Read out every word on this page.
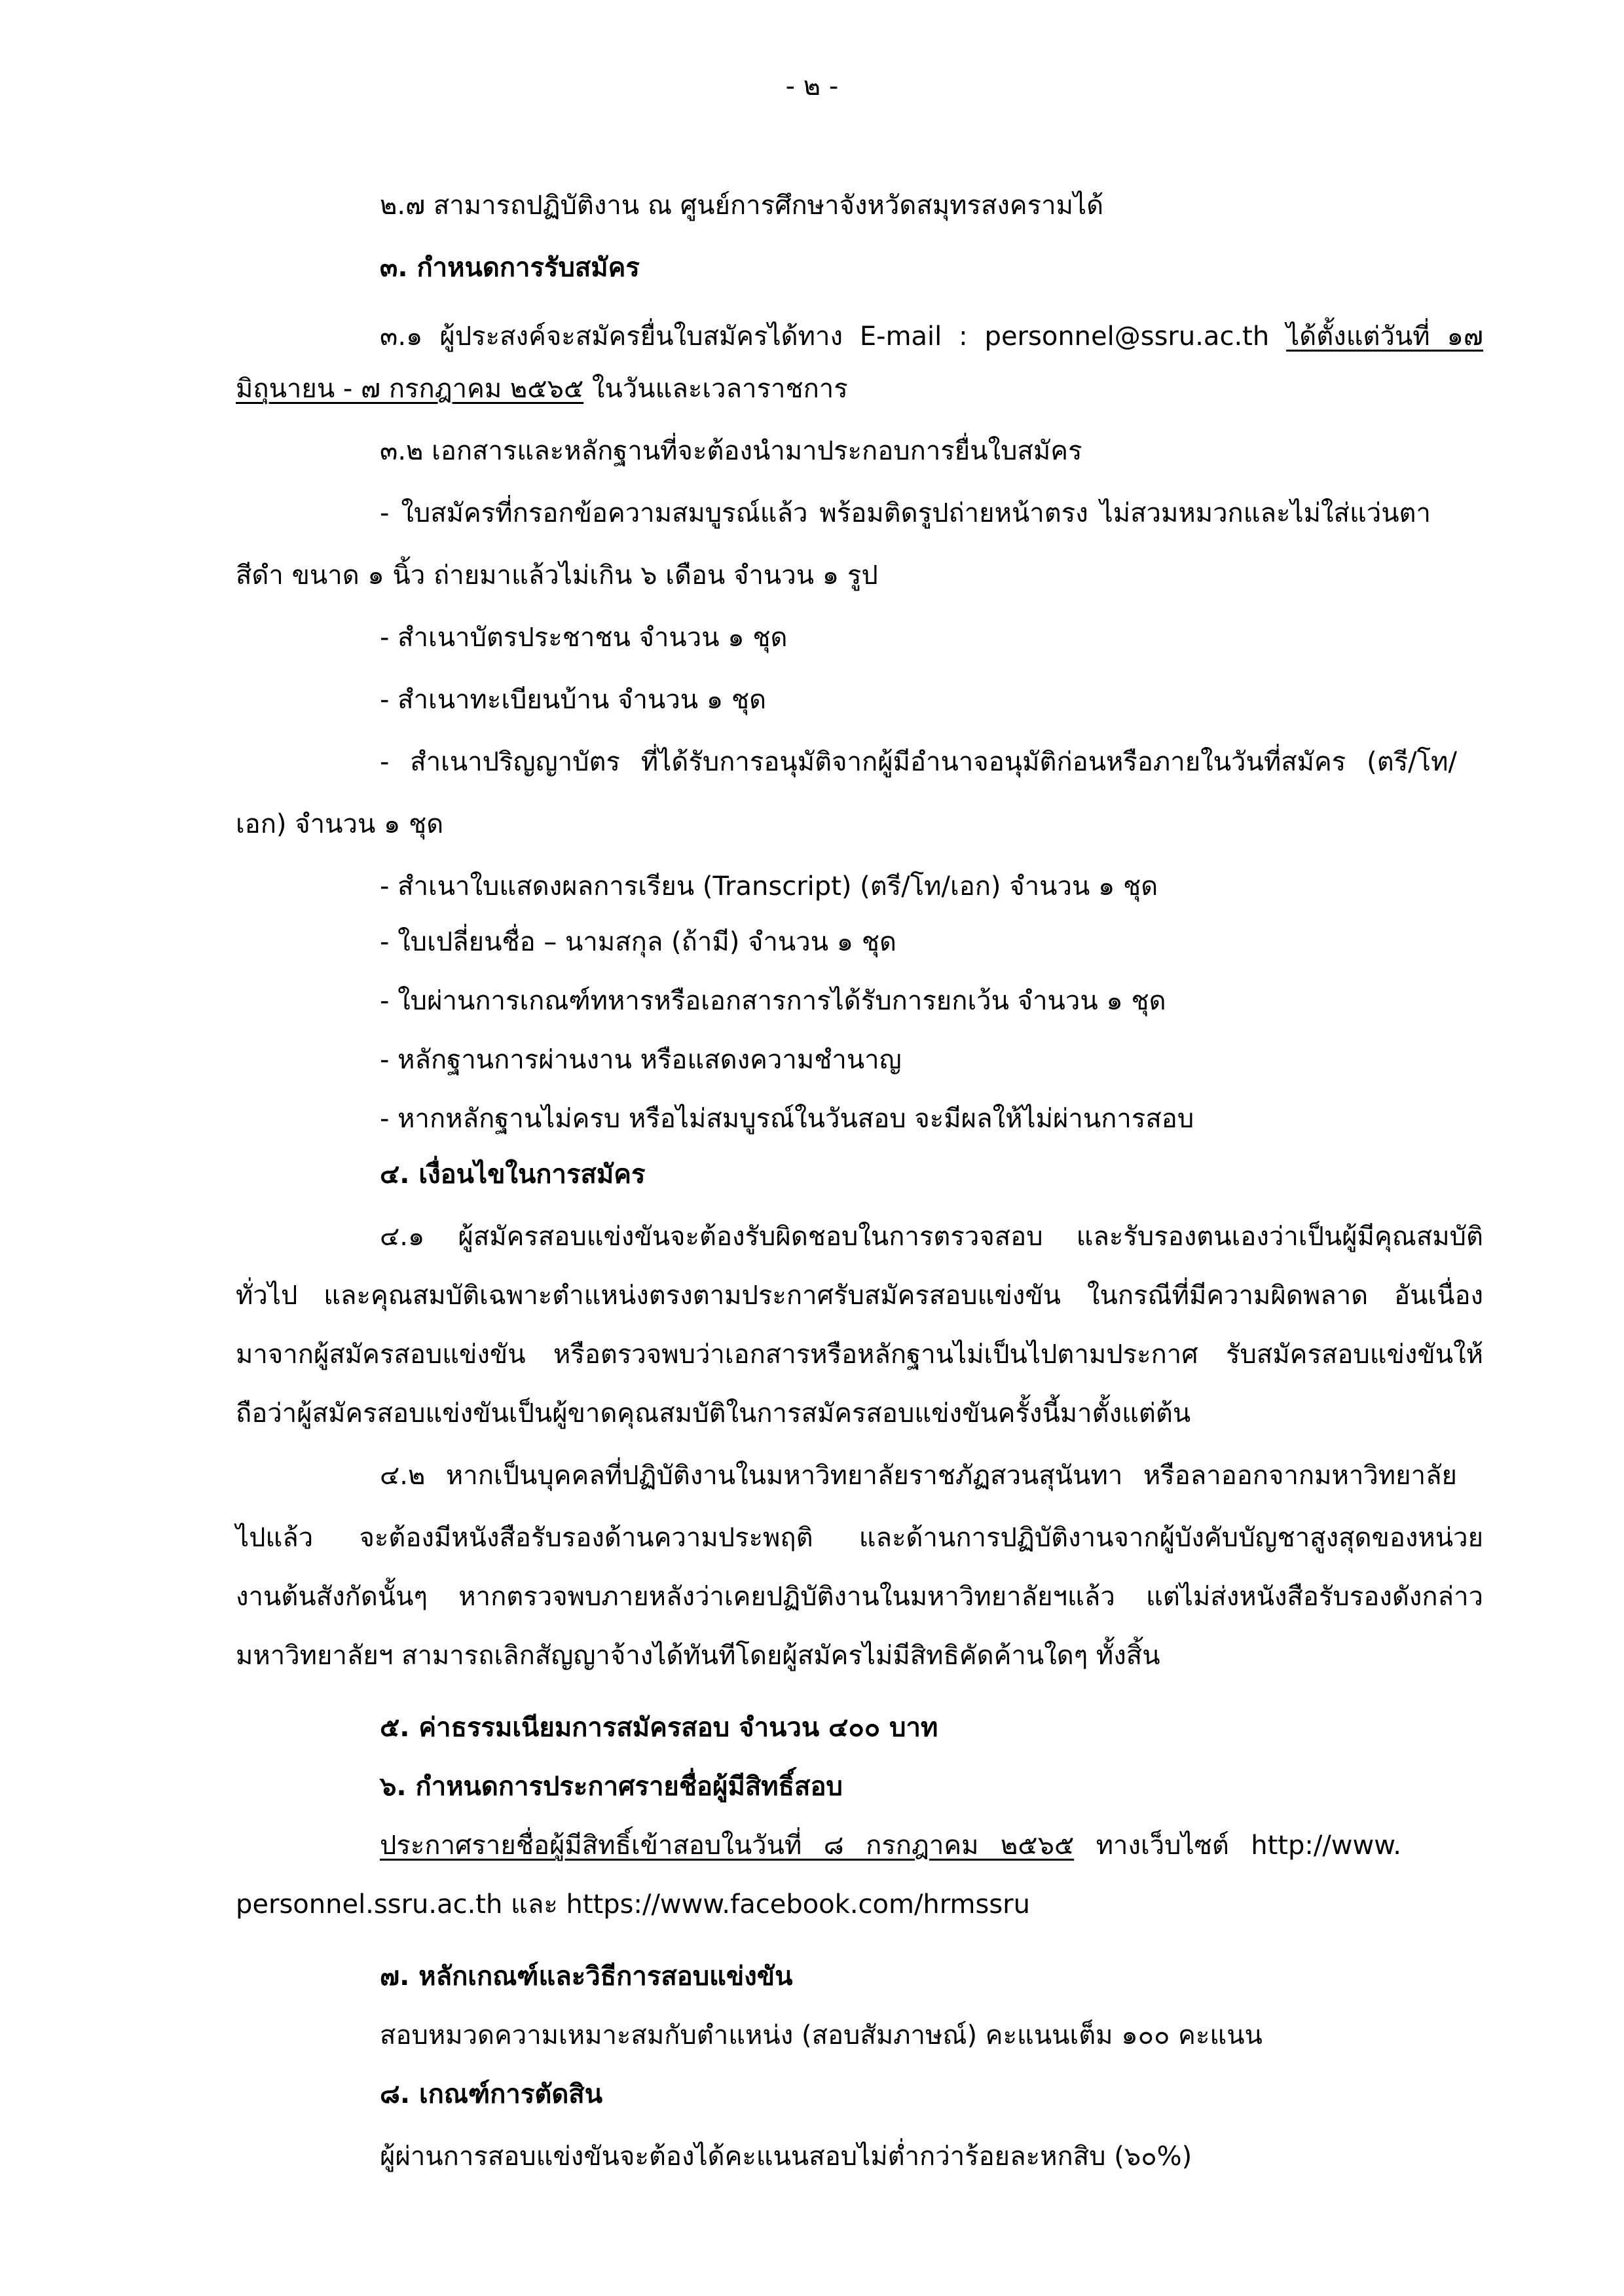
- ๒ -

๒.๗ สามารถปฏิบัติงาน ณ ศูนย์การศึกษาจังหวัดสมุทรสงครามได้

๓. กำหนดการรับสมัคร

๓.๑ ผู้ประสงค์จะสมัครยื่นใบสมัครได้ทาง E-mail : personnel@ssru.ac.th ได้ตั้งแต่วันที่ ๑๗

มิถุนายน - ๗ กรกฎาคม ๒๕๖๕ ในวันและเวลาราชการ

๓.๒ เอกสารและหลักฐานที่จะต้องนำมาประกอบการยื่นใบสมัคร

- ใบสมัครที่กรอกข้อความสมบูรณ์แล้ว พร้อมติดรูปถ่ายหน้าตรง ไม่สวมหมวกและไม่ใส่แว่นตา

สีดำ ขนาด ๑ นิ้ว ถ่ายมาแล้วไม่เกิน ๖ เดือน จำนวน ๑ รูป

- สำเนาบัตรประชาชน จำนวน ๑ ชุด

- สำเนาทะเบียนบ้าน จำนวน ๑ ชุด

- สำเนาปริญญาบัตร ที่ได้รับการอนุมัติจากผู้มีอำนาจอนุมัติก่อนหรือภายในวันที่สมัคร (ตรี/โท/

เอก) จำนวน ๑ ชุด

- สำเนาใบแสดงผลการเรียน (Transcript) (ตรี/โท/เอก) จำนวน ๑ ชุด

- ใบเปลี่ยนชื่อ – นามสกุล (ถ้ามี) จำนวน ๑ ชุด

- ใบผ่านการเกณฑ์ทหารหรือเอกสารการได้รับการยกเว้น จำนวน ๑ ชุด

- หลักฐานการผ่านงาน หรือแสดงความชำนาญ

- หากหลักฐานไม่ครบ หรือไม่สมบูรณ์ในวันสอบ จะมีผลให้ไม่ผ่านการสอบ

๔. เงื่อนไขในการสมัคร

๔.๑ ผู้สมัครสอบแข่งขันจะต้องรับผิดชอบในการตรวจสอบ และรับรองตนเองว่าเป็นผู้มีคุณสมบัติ

ทั่วไป และคุณสมบัติเฉพาะตำแหน่งตรงตามประกาศรับสมัครสอบแข่งขัน ในกรณีที่มีความผิดพลาด อันเนื่อง

มาจากผู้สมัครสอบแข่งขัน หรือตรวจพบว่าเอกสารหรือหลักฐานไม่เป็นไปตามประกาศ รับสมัครสอบแข่งขันให้

ถือว่าผู้สมัครสอบแข่งขันเป็นผู้ขาดคุณสมบัติในการสมัครสอบแข่งขันครั้งนี้มาตั้งแต่ต้น

๔.๒ หากเป็นบุคคลที่ปฏิบัติงานในมหาวิทยาลัยราชภัฏสวนสุนันทา หรือลาออกจากมหาวิทยาลัย

ไปแล้ว จะต้องมีหนังสือรับรองด้านความประพฤติ และด้านการปฏิบัติงานจากผู้บังคับบัญชาสูงสุดของหน่วย

งานต้นสังกัดนั้นๆ หากตรวจพบภายหลังว่าเคยปฏิบัติงานในมหาวิทยาลัยฯแล้ว แต่ไม่ส่งหนังสือรับรองดังกล่าว

มหาวิทยาลัยฯ สามารถเลิกสัญญาจ้างได้ทันทีโดยผู้สมัครไม่มีสิทธิคัดค้านใดๆ ทั้งสิ้น

๕. ค่าธรรมเนียมการสมัครสอบ จำนวน ๔๐๐ บาท

๖. กำหนดการประกาศรายชื่อผู้มีสิทธิ์สอบ

ประกาศรายชื่อผู้มีสิทธิ์เข้าสอบในวันที่ ๘ กรกฎาคม ๒๕๖๕ ทางเว็บไซต์ http://www.

personnel.ssru.ac.th และ https://www.facebook.com/hrmssru

๗. หลักเกณฑ์และวิธีการสอบแข่งขัน

สอบหมวดความเหมาะสมกับตำแหน่ง (สอบสัมภาษณ์) คะแนนเต็ม ๑๐๐ คะแนน

๘. เกณฑ์การตัดสิน

ผู้ผ่านการสอบแข่งขันจะต้องได้คะแนนสอบไม่ต่ำกว่าร้อยละหกสิบ (๖๐%)
